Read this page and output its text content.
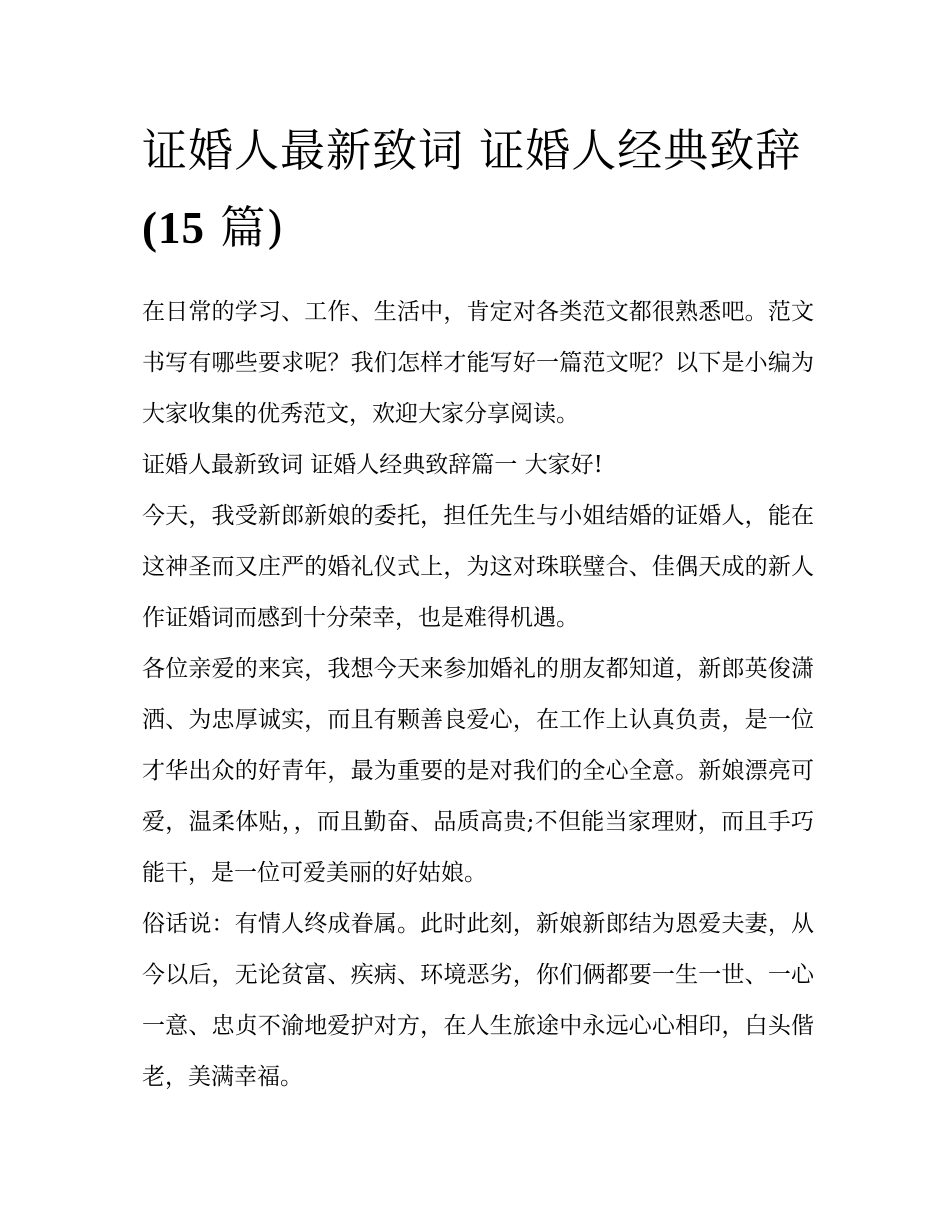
证婚人最新致词 证婚人经典致辞(15 篇)

在日常的学习、工作、生活中，肯定对各类范文都很熟悉吧。范文书写有哪些要求呢？我们怎样才能写好一篇范文呢？以下是小编为大家收集的优秀范文，欢迎大家分享阅读。

证婚人最新致词 证婚人经典致辞篇一 大家好!

今天，我受新郎新娘的委托，担任先生与小姐结婚的证婚人，能在这神圣而又庄严的婚礼仪式上，为这对珠联璧合、佳偶天成的新人作证婚词而感到十分荣幸，也是难得机遇。

各位亲爱的来宾，我想今天来参加婚礼的朋友都知道，新郎英俊潇洒、为忠厚诚实，而且有颗善良爱心，在工作上认真负责，是一位才华出众的好青年，最为重要的是对我们的全心全意。新娘漂亮可爱，温柔体贴，，而且勤奋、品质高贵;不但能当家理财，而且手巧能干，是一位可爱美丽的好姑娘。

俗话说：有情人终成眷属。此时此刻，新娘新郎结为恩爱夫妻，从今以后，无论贫富、疾病、环境恶劣，你们俩都要一生一世、一心一意、忠贞不渝地爱护对方，在人生旅途中永远心心相印，白头偕老，美满幸福。
